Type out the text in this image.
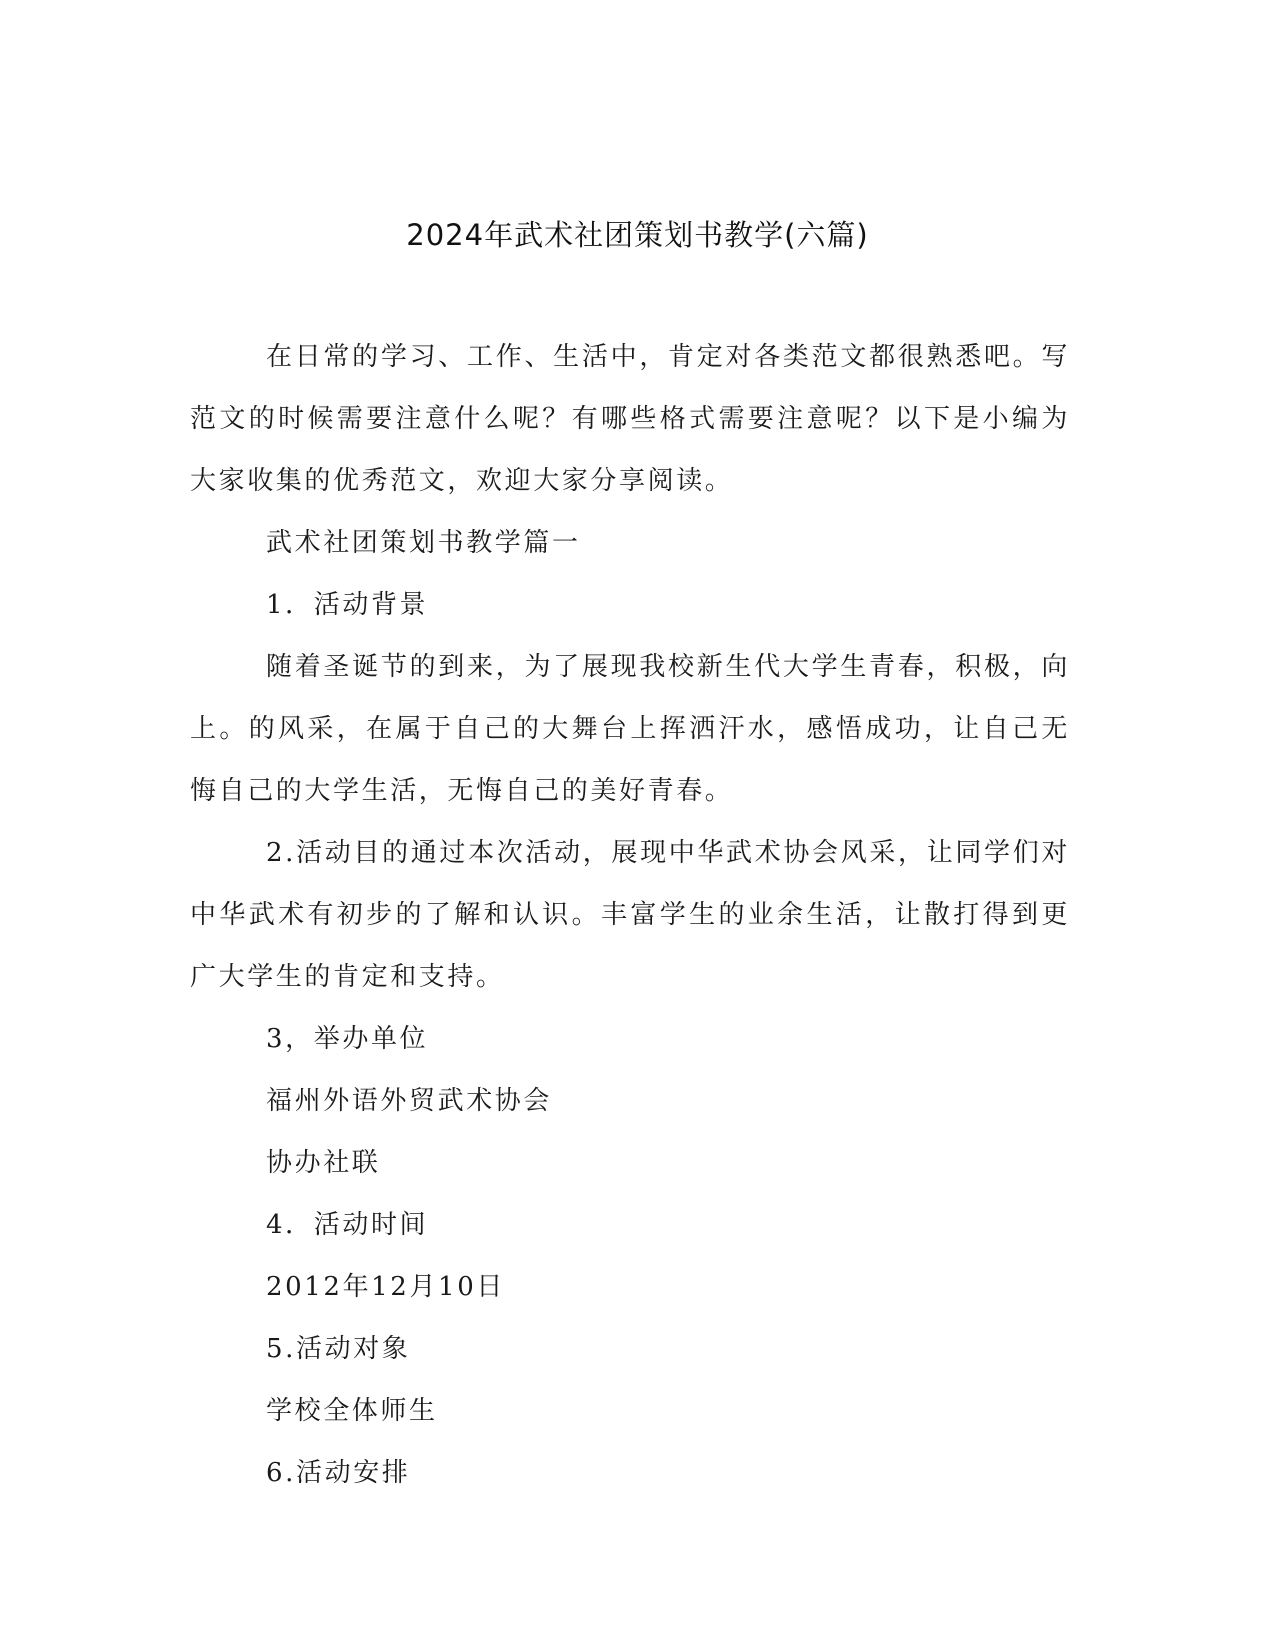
2024年武术社团策划书教学(六篇)

在日常的学习、工作、生活中，肯定对各类范文都很熟悉吧。写范文的时候需要注意什么呢？有哪些格式需要注意呢？以下是小编为大家收集的优秀范文，欢迎大家分享阅读。

武术社团策划书教学篇一

1．活动背景

随着圣诞节的到来，为了展现我校新生代大学生青春，积极，向上。的风采，在属于自己的大舞台上挥洒汗水，感悟成功，让自己无悔自己的大学生活，无悔自己的美好青春。

2.活动目的通过本次活动，展现中华武术协会风采，让同学们对中华武术有初步的了解和认识。丰富学生的业余生活，让散打得到更广大学生的肯定和支持。

3，举办单位

福州外语外贸武术协会

协办社联

4．活动时间

2012年12月10日

5.活动对象

学校全体师生

6.活动安排
